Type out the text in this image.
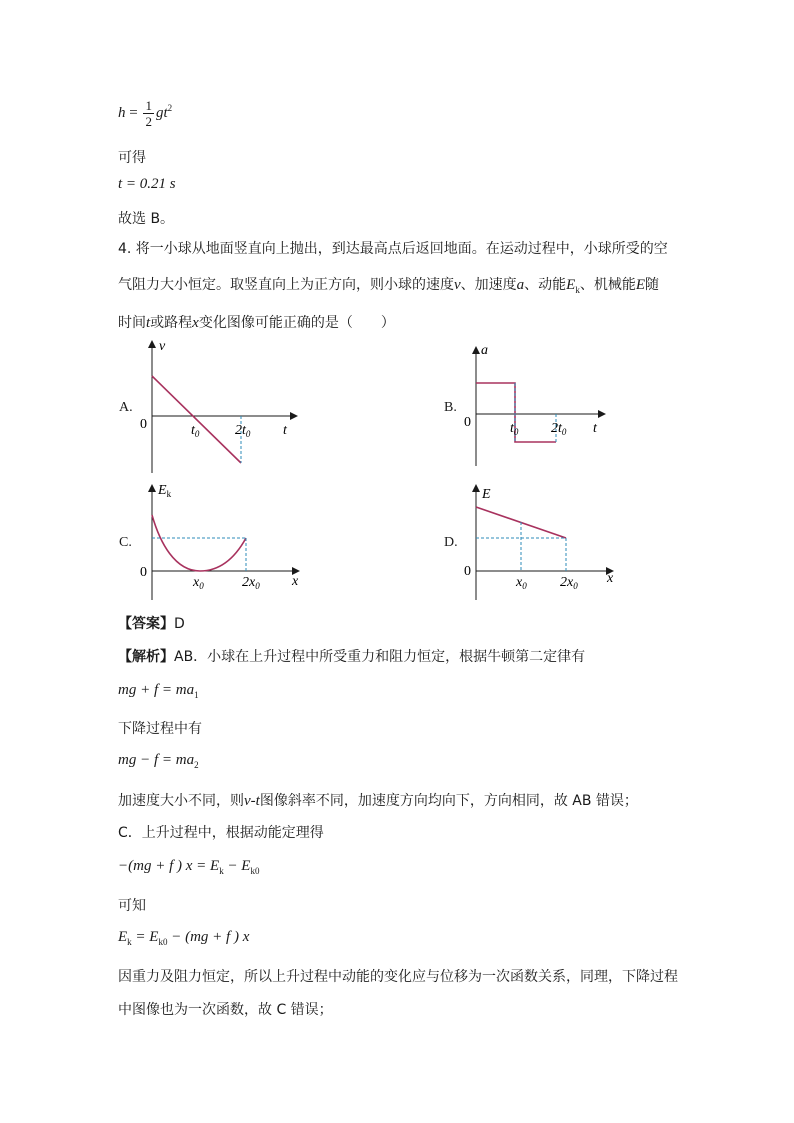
$h = \frac{1}{2} gt^2$
可得
t = 0.21 s
故选 B。
4. 将一小球从地面竖直向上抛出，到达最高点后返回地面。在运动过程中，小球所受的空
气阻力大小恒定。取竖直向上为正方向，则小球的速度v、加速度a、动能$E_k$、机械能E随
时间t或路程x变化图像可能正确的是（　　）
A.
v
t
0	$t_0$	$2t_0$
B.
a
t
0	$t_0$ $2t_0$
C.
$E_k$
x
0
$x_0$	$2x_0$
D.
E
x
0
$x_0$ $2x_0$
【答案】D
【解析】AB．小球在上升过程中所受重力和阻力恒定，根据牛顿第二定律有
mg + $f = ma_1$
下降过程中有
mg − $f = ma_2$
加速度大小不同，则v-t图像斜率不同，加速度方向均向下，方向相同，故 AB 错误；
C．上升过程中，根据动能定理得
−(mg + f ) $x = E_k - E_{k0}$
可知
$E_k = E_{k0} - (mg + f$ ) x
因重力及阻力恒定，所以上升过程中动能的变化应与位移为一次函数关系，同理，下降过程
中图像也为一次函数，故 C 错误；
